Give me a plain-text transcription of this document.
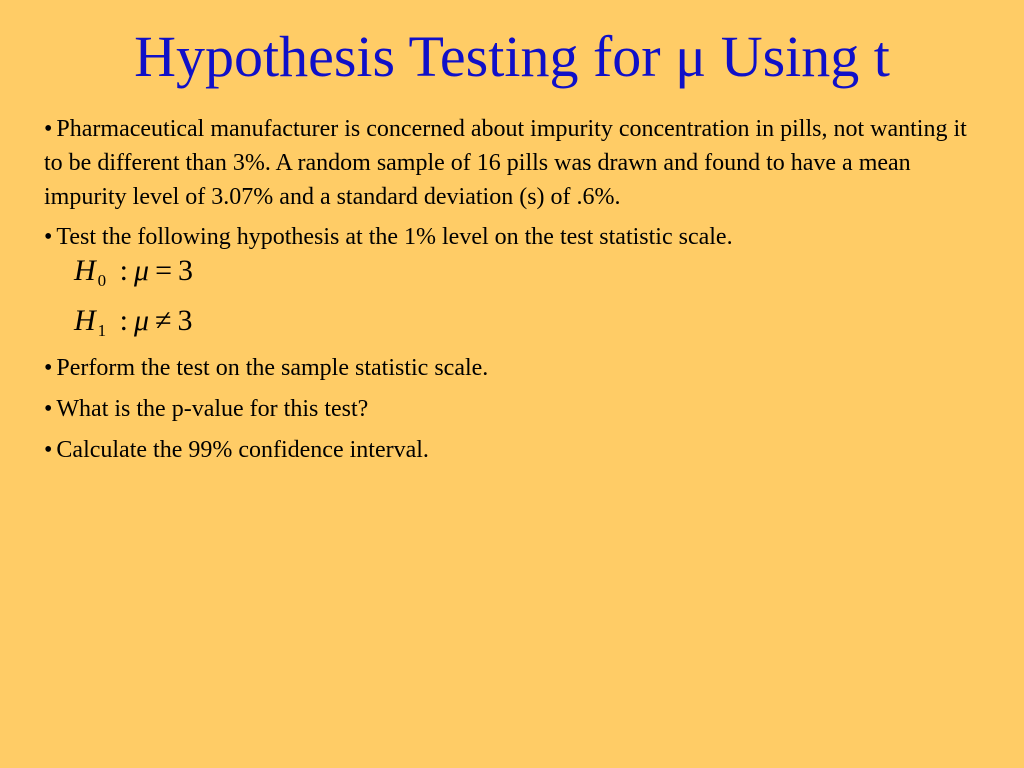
Hypothesis Testing for μ Using t

• Pharmaceutical manufacturer is concerned about impurity concentration in pills, not wanting it to be different than 3%. A random sample of 16 pills was drawn and found to have a mean impurity level of 3.07% and a standard deviation (s) of .6%.

• Test the following hypothesis at the 1% level on the test statistic scale.

H $_0$ : μ = 3
H $_1$ : μ ≠ 3

• Perform the test on the sample statistic scale.

• What is the p-value for this test?

• Calculate the 99% confidence interval.
